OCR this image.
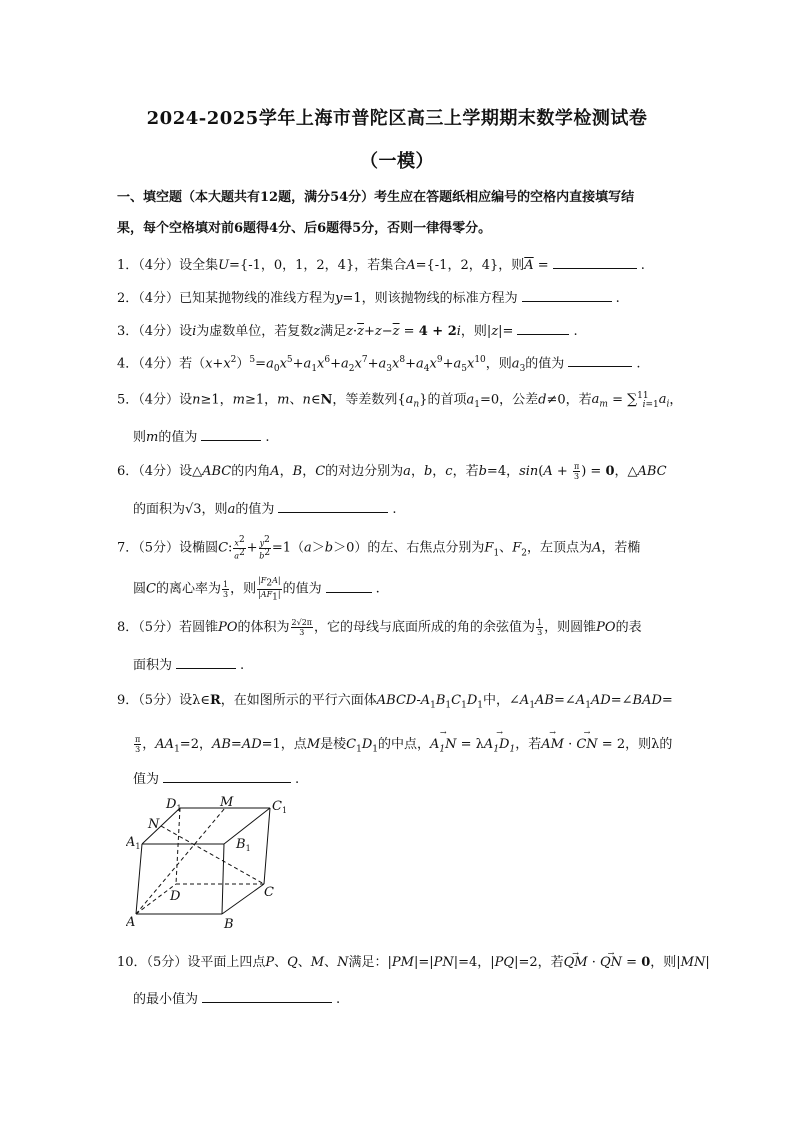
2024-2025学年上海市普陀区高三上学期期末数学检测试卷
（一模）
一、填空题（本大题共有12题，满分54分）考生应在答题纸相应编号的空格内直接填写结
果，每个空格填对前6题得4分、后6题得5分，否则一律得零分。
1．（4分）设全集U={-1，0，1，2，4}，若集合A={-1，2，4}，则$\overline{A}$ =	.
2．（4分）已知某抛物线的准线方程为y=1，则该抛物线的标准方程为	.
3．（4分）设i为虚数单位，若复数z满足$z\cdot\overline{z}+z-\overline{z} = 4 + 2i$，则|z|=	.
4．（4分）若$(x+x^2)^5=a_0x^5+a_1x^6+a_2x^7+a_3x^8+a_4x^9+a_5x^{10}$，则$a_3$的值为	.
5．（4分）设n≥1，m≥1，m、n∈N，等差数列$\{a_n\}$的首项$a_1=0$，公差d≠0，若$a_m = \sum^{11}_{i=1}a_i$，
则m的值为	.
6．（4分）设△ABC的内角A，B，C的对边分别为a，b，c，若b=4，$\sin(A + \frac{\pi}{3}$ ) = 0，△ABC
的面积为√3，则a的值为	.
7．（5分）设椭圆C: $\frac{x^2}{a^2} + \frac{y^2}{b^2} =1(a>b>0)$的左、右焦点分别为$F_1$、$F_2$，左顶点为A，若椭
圆C的离心率为 $\frac{1}{3}$ ，则 $\frac{|F_2A|}{|AF_1|}$ 的值为	.
8．（5分）若圆锥PO的体积为 $\frac{2√2\pi}{3}$ ，它的母线与底面所成的角的余弦值为 $\frac{1}{3}$ ，则圆锥PO的表
面积为	.
9．（5分）设λ∈R，在如图所示的平行六面体ABCD-$A_1B_1C_1D_1$中，$\angle A_1AB=\angle A_1AD=\angle BAD=$
$\frac{\pi}{3}$ ，$AA_1=2$，AB=AD=1，点M是棱$C_1D_1$的中点，→ $A_1N = \lambda\to A_1D_1$，若→ AM · → CN = 2，则λ的
值为	.
$D_1$	M	$C_1$
N
$A_1$	$B_1$
D	C
A	B
10．（5分）设平面上四点P、Q、M、N满足：|PM|=|PN|=4，|PQ|=2，若→ QM · → QN = 0，则|MN|
的最小值为	.
